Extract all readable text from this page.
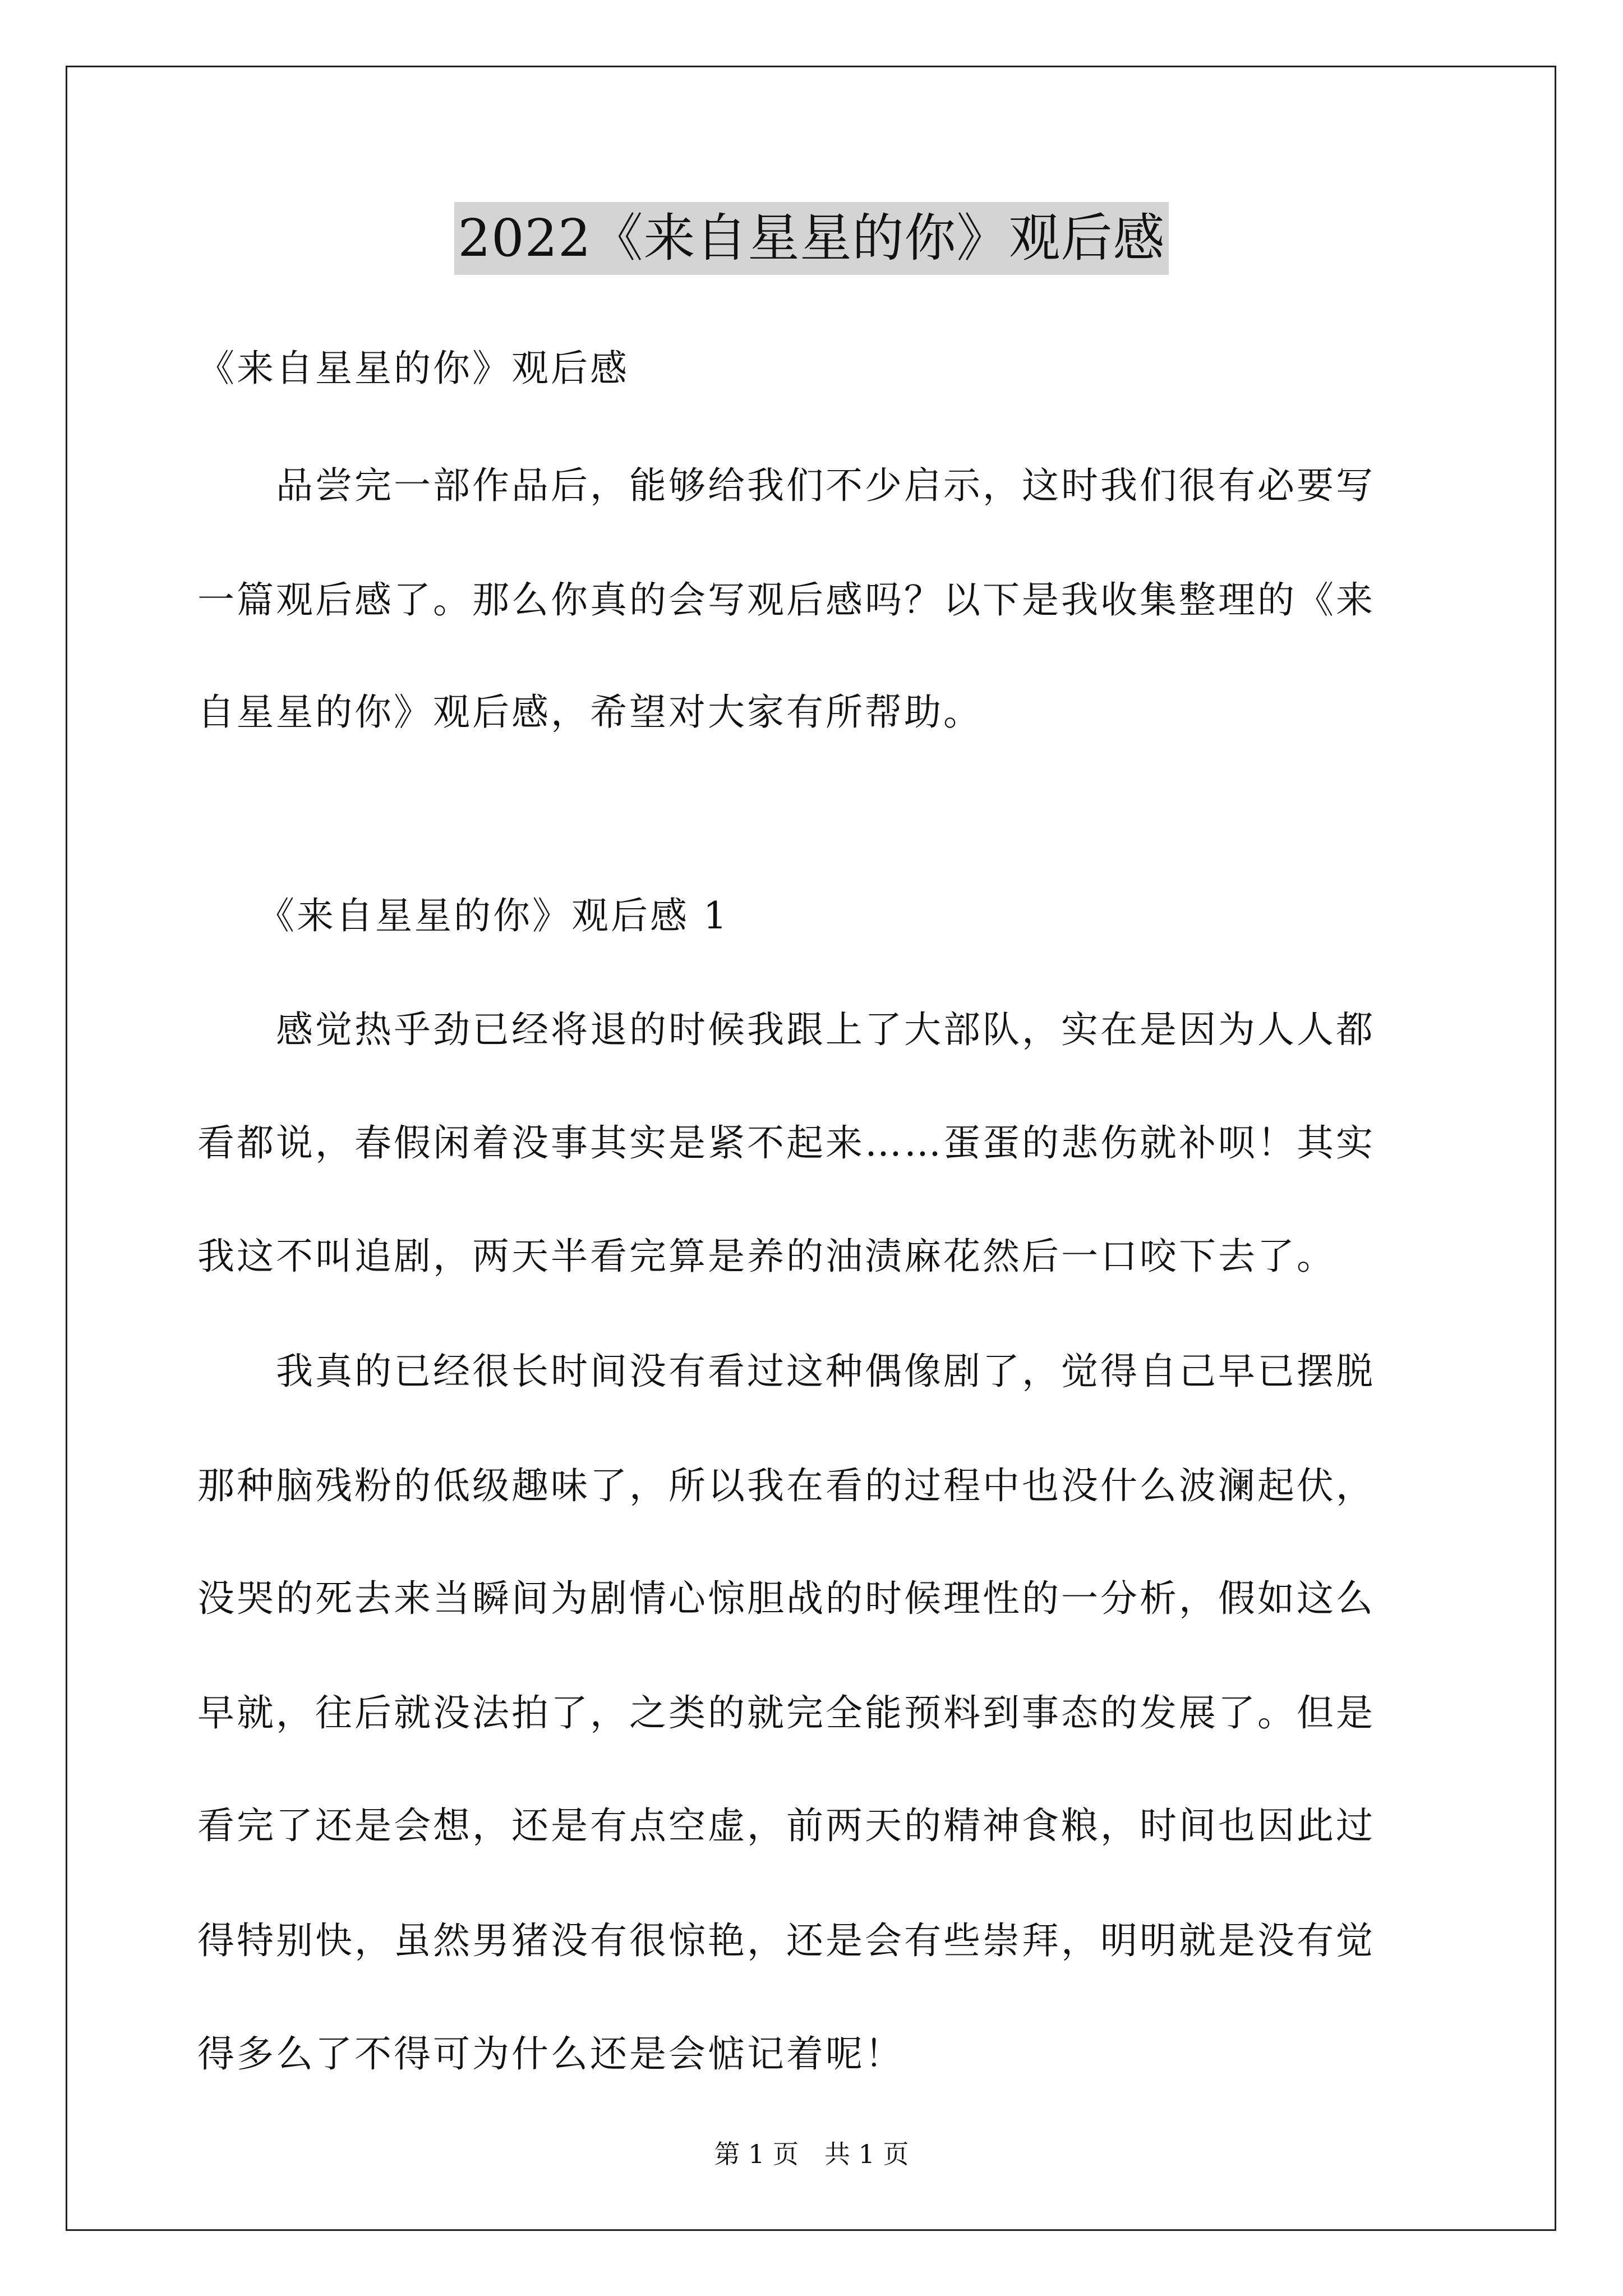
2022《来自星星的你》观后感
《来自星星的你》观后感
　　品尝完一部作品后，能够给我们不少启示，这时我们很有必要写
一篇观后感了。那么你真的会写观后感吗？以下是我收集整理的《来
自星星的你》观后感，希望对大家有所帮助。
　　《来自星星的你》观后感 1
　　感觉热乎劲已经将退的时候我跟上了大部队，实在是因为人人都
看都说，春假闲着没事其实是紧不起来……蛋蛋的悲伤就补呗！其实
我这不叫追剧，两天半看完算是养的油渍麻花然后一口咬下去了。
　　我真的已经很长时间没有看过这种偶像剧了，觉得自己早已摆脱
那种脑残粉的低级趣味了，所以我在看的过程中也没什么波澜起伏，
没哭的死去来当瞬间为剧情心惊胆战的时候理性的一分析，假如这么
早就，往后就没法拍了，之类的就完全能预料到事态的发展了。但是
看完了还是会想，还是有点空虚，前两天的精神食粮，时间也因此过
得特别快，虽然男猪没有很惊艳，还是会有些崇拜，明明就是没有觉
得多么了不得可为什么还是会惦记着呢！
第 1 页　共 1 页
